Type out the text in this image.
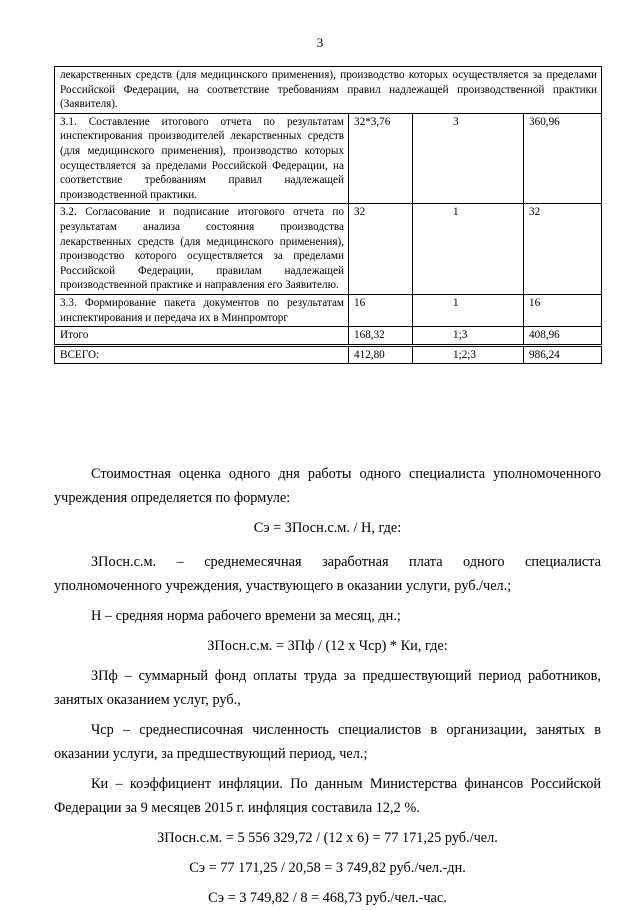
3
лекарственных средств (для медицинского применения), производство которых осуществляется за пределами Российской Федерации, на соответствие требованиям правил надлежащей производственной практики (Заявителя).			
3.1. Составление итогового отчета по результатам инспектирования производителей лекарственных средств (для медицинского применения), производство которых осуществляется за пределами Российской Федерации, на соответствие требованиям правил надлежащей производственной практики.	32*3,76	3	360,96
3.2. Согласование и подписание итогового отчета по результатам анализа состояния производства лекарственных средств (для медицинского применения), производство которого осуществляется за пределами Российской Федерации, правилам надлежащей производственной практике и направления его Заявителю.	32	1	32
3.3. Формирование пакета документов по результатам инспектирования и передача их в Минпромторг	16	1	16
Итого	168,32	1;3	408,96
ВСЕГО:	412,80	1;2;3	986,24

Стоимостная оценка одного дня работы одного специалиста уполномоченного учреждения определяется по формуле:

Сэ = ЗПосн.с.м. / Н, где:

ЗПосн.с.м. – среднемесячная заработная плата одного специалиста уполномоченного учреждения, участвующего в оказании услуги, руб./чел.;

Н – средняя норма рабочего времени за месяц, дн.;

ЗПосн.с.м. = ЗПф / (12 х Чср) * Ки, где:

ЗПф – суммарный фонд оплаты труда за предшествующий период работников, занятых оказанием услуг, руб.,

Чср – среднесписочная численность специалистов в организации, занятых в оказании услуги, за предшествующий период, чел.;

Ки – коэффициент инфляции. По данным Министерства финансов Российской Федерации за 9 месяцев 2015 г. инфляция составила 12,2 %.

ЗПосн.с.м. = 5 556 329,72 / (12 х 6) = 77 171,25 руб./чел.

Сэ = 77 171,25 / 20,58 = 3 749,82 руб./чел.-дн.

Сэ = 3 749,82 / 8 = 468,73 руб./чел.-час.
